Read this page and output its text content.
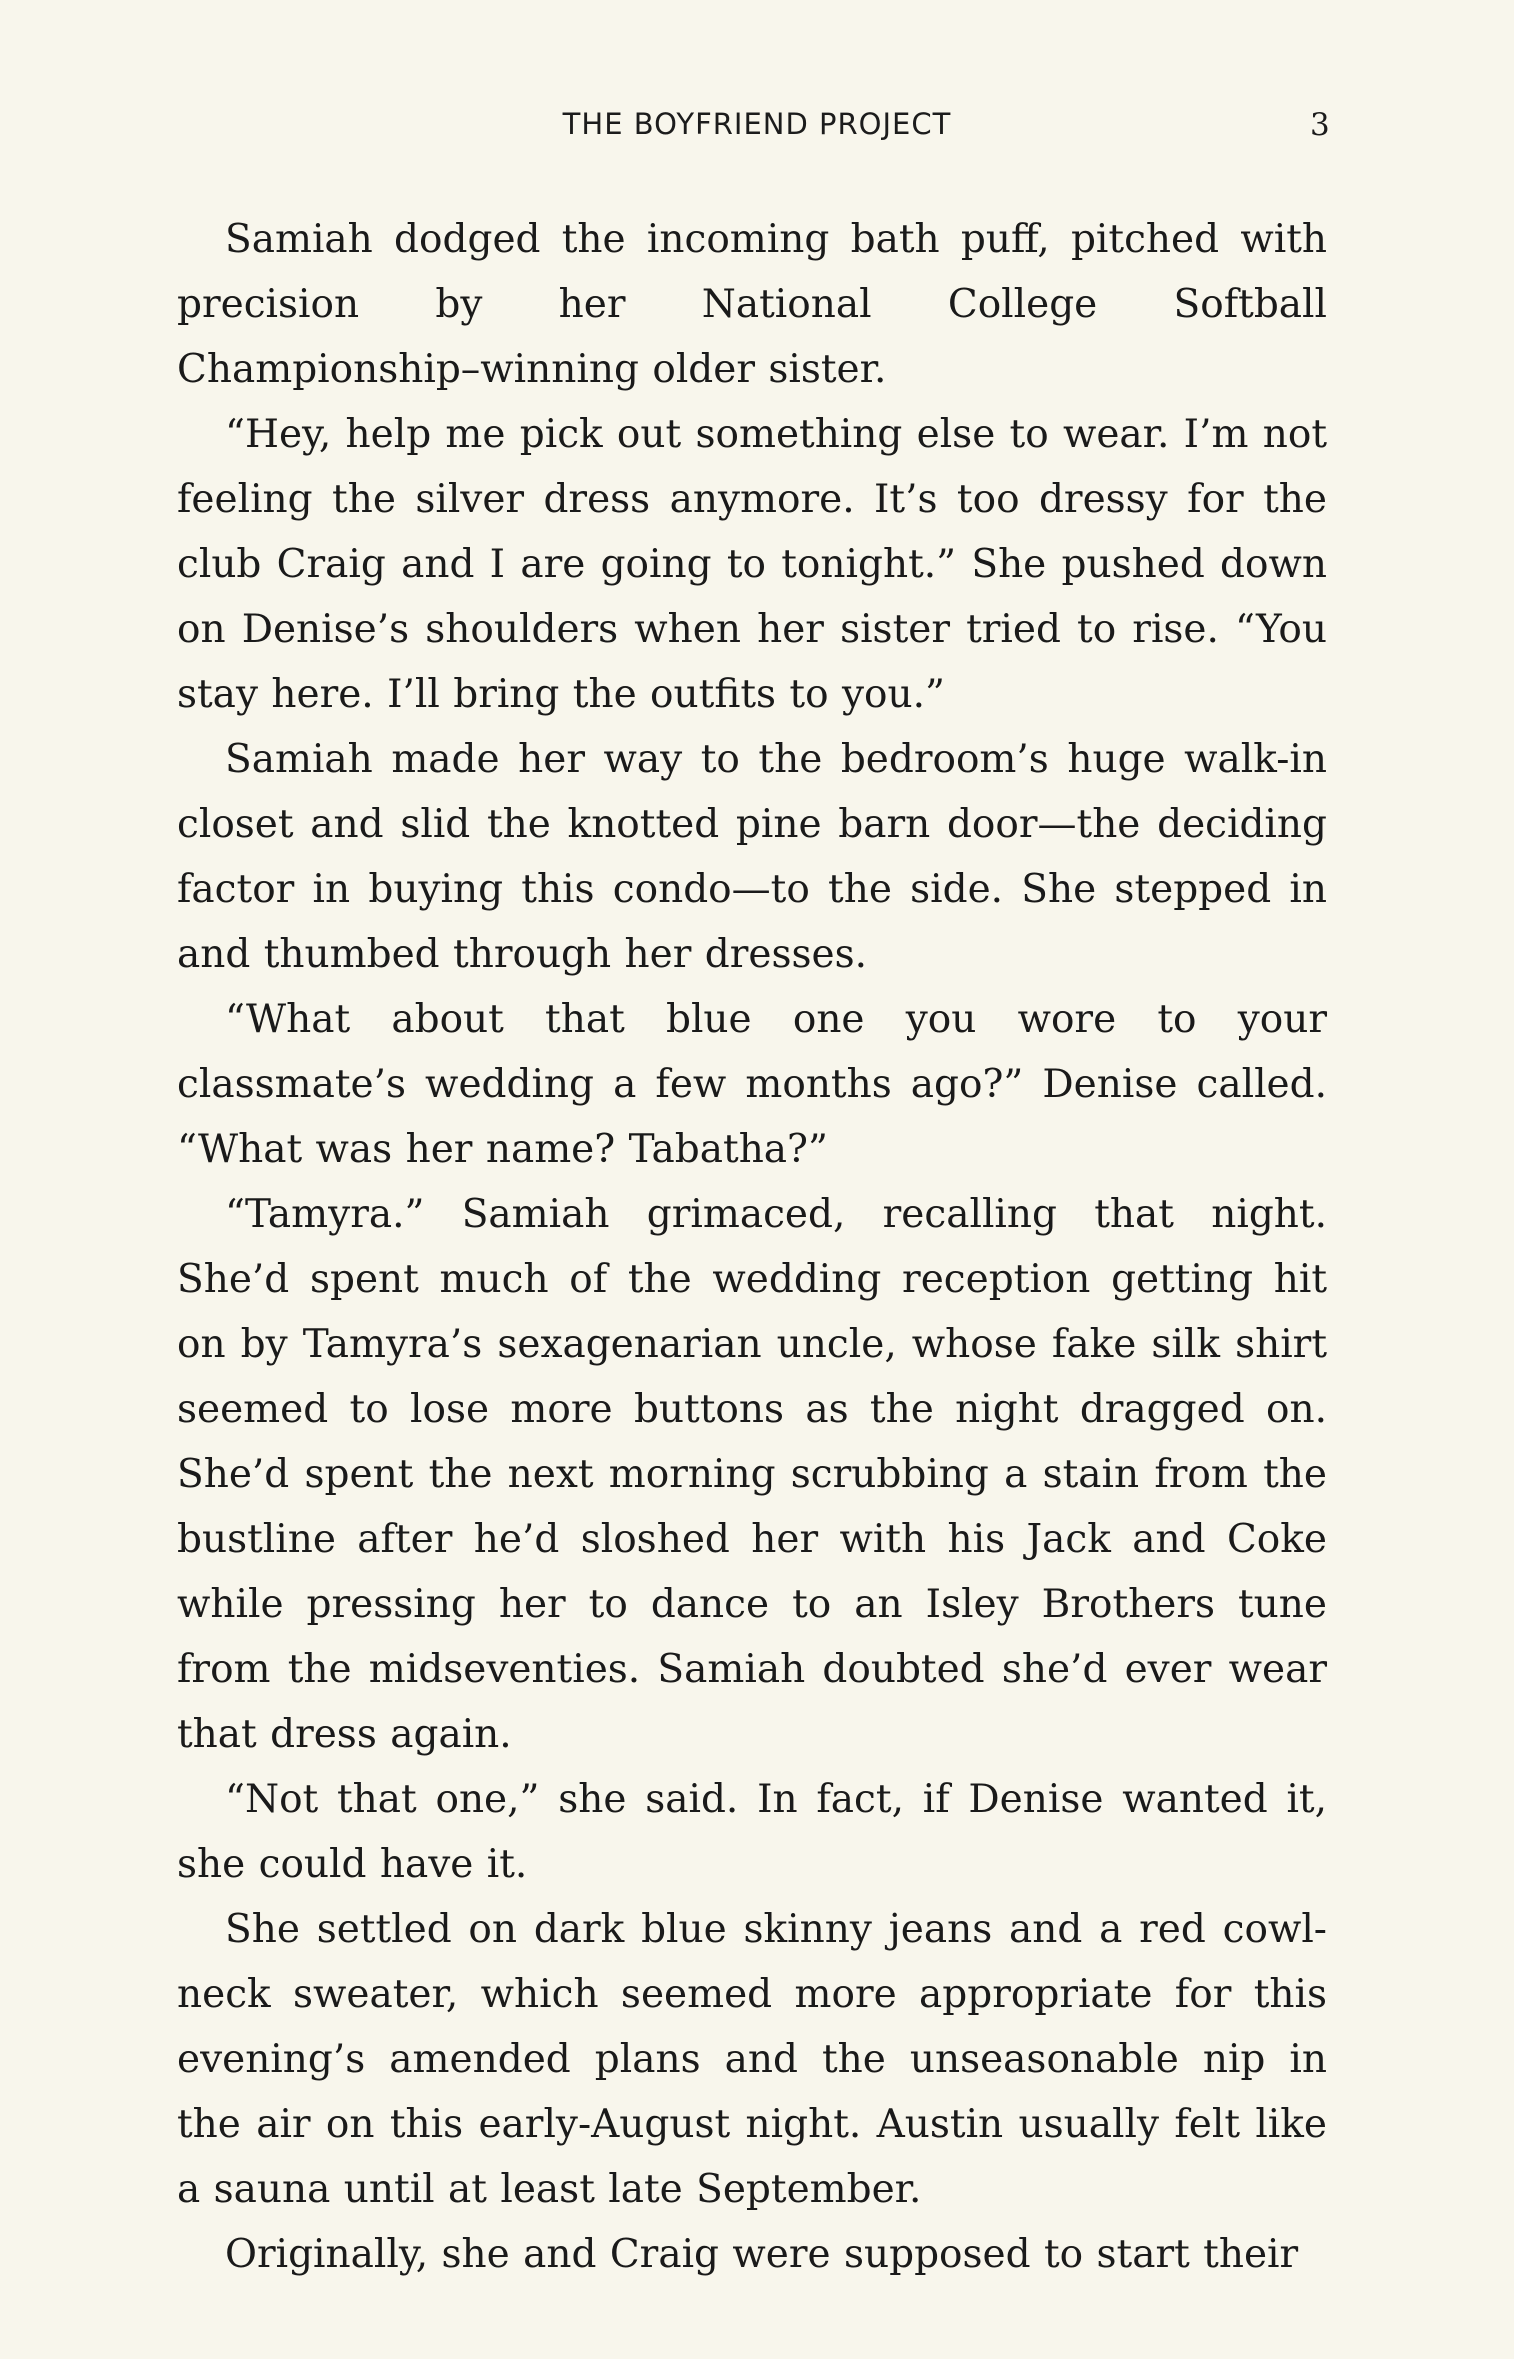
THE BOYFRIEND PROJECT	3

Samiah dodged the incoming bath puff, pitched with precision by her National College Softball Championship–winning older sister.

“Hey, help me pick out something else to wear. I’m not feeling the silver dress anymore. It’s too dressy for the club Craig and I are going to tonight.” She pushed down on Denise’s shoulders when her sister tried to rise. “You stay here. I’ll bring the outfits to you.”

Samiah made her way to the bedroom’s huge walk-in closet and slid the knotted pine barn door—the deciding factor in buying this condo—to the side. She stepped in and thumbed through her dresses.

“What about that blue one you wore to your classmate’s wedding a few months ago?” Denise called. “What was her name? Tabatha?”

“Tamyra.” Samiah grimaced, recalling that night. She’d spent much of the wedding reception getting hit on by Tamyra’s sexagenarian uncle, whose fake silk shirt seemed to lose more buttons as the night dragged on. She’d spent the next morning scrubbing a stain from the bustline after he’d sloshed her with his Jack and Coke while pressing her to dance to an Isley Brothers tune from the midseventies. Samiah doubted she’d ever wear that dress again.

“Not that one,” she said. In fact, if Denise wanted it, she could have it.

She settled on dark blue skinny jeans and a red cowl-neck sweater, which seemed more appropriate for this evening’s amended plans and the unseasonable nip in the air on this early-August night. Austin usually felt like a sauna until at least late September.

Originally, she and Craig were supposed to start their
